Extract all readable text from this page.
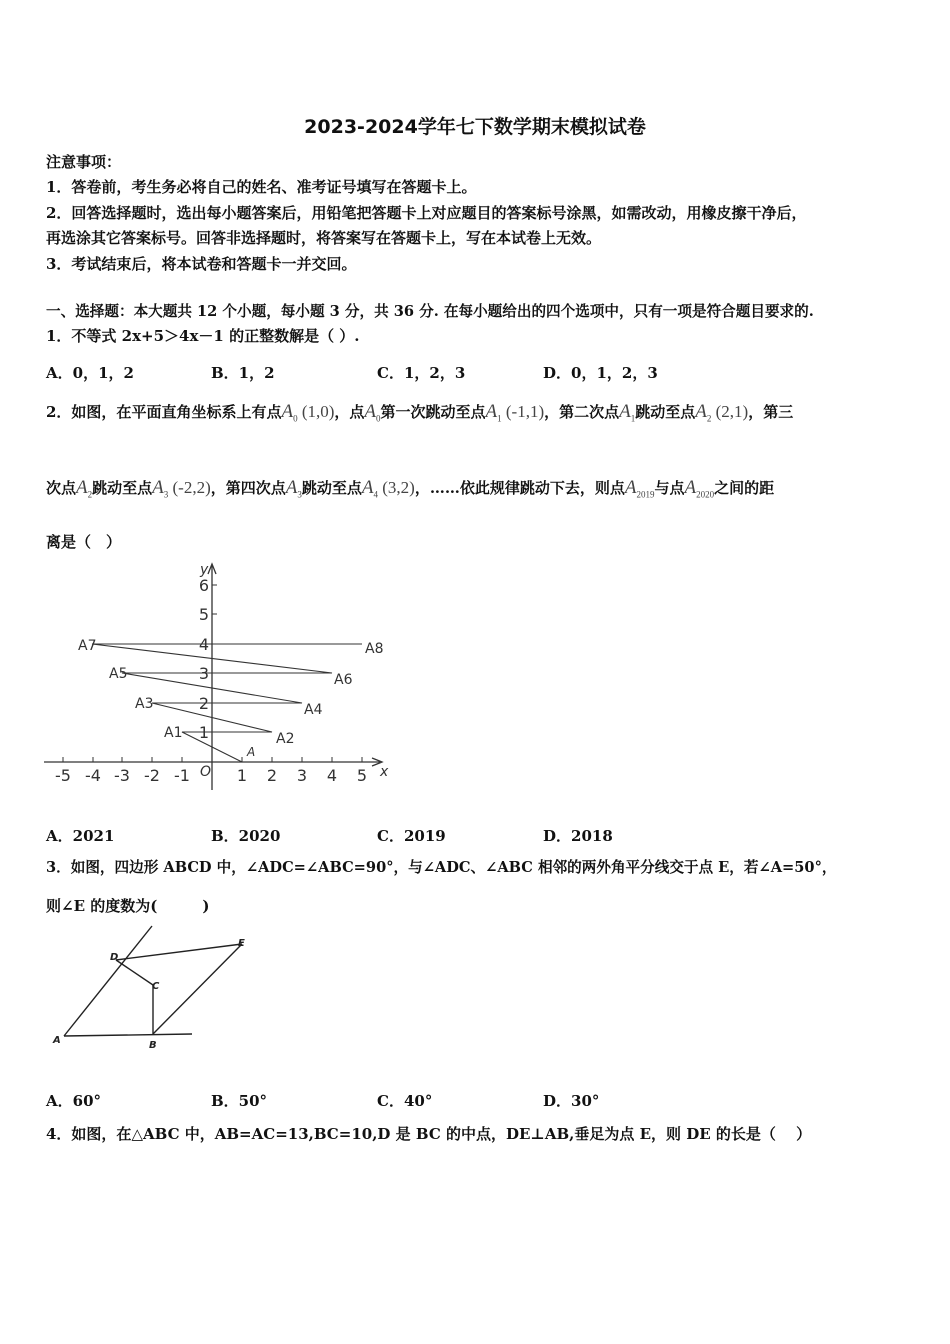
2023-2024学年七下数学期末模拟试卷
注意事项：
1．答卷前，考生务必将自己的姓名、准考证号填写在答题卡上。
2．回答选择题时，选出每小题答案后，用铅笔把答题卡上对应题目的答案标号涂黑，如需改动，用橡皮擦干净后，
再选涂其它答案标号。回答非选择题时，将答案写在答题卡上，写在本试卷上无效。
3．考试结束后，将本试卷和答题卡一并交回。
一、选择题：本大题共 12 个小题，每小题 3 分，共 36 分. 在每小题给出的四个选项中，只有一项是符合题目要求的.
1．不等式 2x+5＞4x－1 的正整数解是（ ）.
A．0，1，2	B．1，2	C．1，2，3	D．0，1，2，3
2．如图，在平面直角坐标系上有点$A_0$ (1,0)，点$A_0$第一次跳动至点$A_1$ (‐1,1)，第二次点$A_1$跳动至点$A_2$ (2,1)，第三
次点$A_2$跳动至点$A_3$ (‐2,2)，第四次点$A_3$跳动至点$A_4$ (3,2)，……依此规律跳动下去，则点$A_{2019}$与点$A_{2020}$之间的距
离是（　）
-5 -4 -3 -2 -1	1 2 3 4 5
1
2
3
4
5
6
y
x
O
A
A1	A2
A3	A4
A5	A6
A7	A8
A．2021	B．2020	C．2019	D．2018
3．如图，四边形 ABCD 中，∠ADC=∠ABC=90°，与∠ADC、∠ABC 相邻的两外角平分线交于点 E，若∠A=50°，
则∠E 的度数为(　　　)
A	B
C
D
E
A．60°	B．50°	C．40°	D．30°
4．如图，在△ABC 中，AB=AC=13,BC=10,D 是 BC 的中点，DE⊥AB,垂足为点 E，则 DE 的长是（　 ）
